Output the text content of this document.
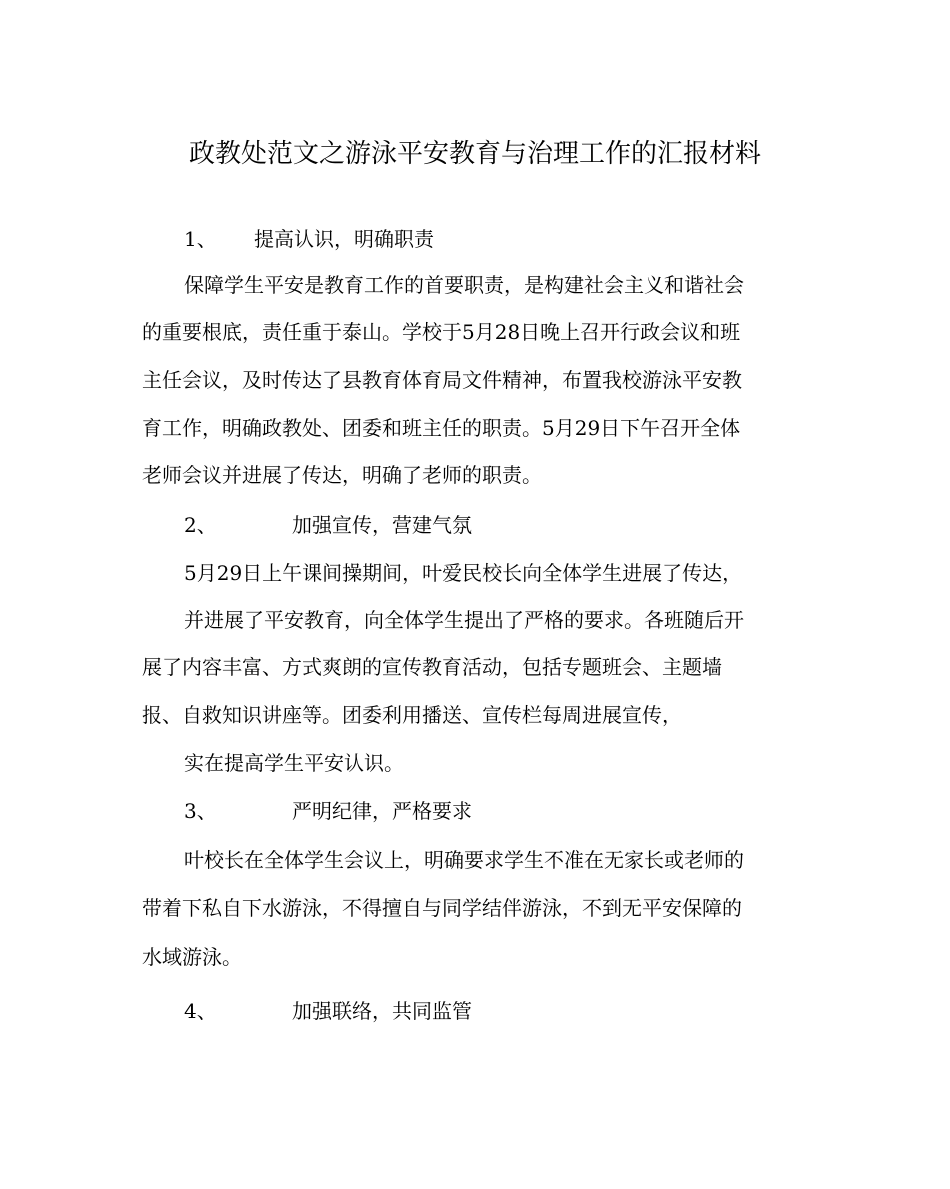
政教处范文之游泳平安教育与治理工作的汇报材料
1、 提高认识，明确职责
保障学生平安是教育工作的首要职责，是构建社会主义和谐社会
的重要根底，责任重于泰山。学校于5月28日晚上召开行政会议和班
主任会议，及时传达了县教育体育局文件精神，布置我校游泳平安教
育工作，明确政教处、团委和班主任的职责。5月29日下午召开全体
老师会议并进展了传达，明确了老师的职责。
2、	加强宣传，营建气氛
5月29日上午课间操期间，叶爱民校长向全体学生进展了传达，
并进展了平安教育，向全体学生提出了严格的要求。各班随后开
展了内容丰富、方式爽朗的宣传教育活动，包括专题班会、主题墙
报、自救知识讲座等。团委利用播送、宣传栏每周进展宣传，
实在提高学生平安认识。
3、	严明纪律，严格要求
叶校长在全体学生会议上，明确要求学生不准在无家长或老师的
带着下私自下水游泳，不得擅自与同学结伴游泳，不到无平安保障的
水域游泳。
4、	加强联络，共同监管
